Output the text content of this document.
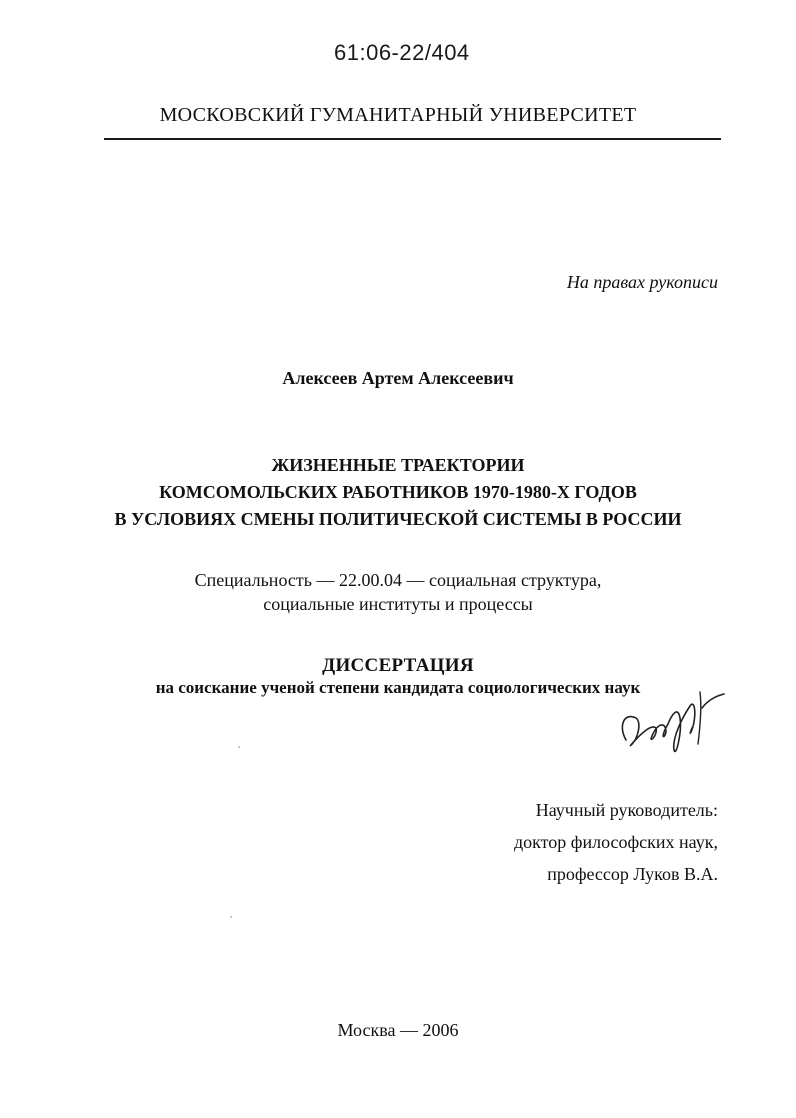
61:06-22/404
МОСКОВСКИЙ ГУМАНИТАРНЫЙ УНИВЕРСИТЕТ
На правах рукописи
Алексеев Артем Алексеевич
ЖИЗНЕННЫЕ ТРАЕКТОРИИ
КОМСОМОЛЬСКИХ РАБОТНИКОВ 1970-1980-Х ГОДОВ
В УСЛОВИЯХ СМЕНЫ ПОЛИТИЧЕСКОЙ СИСТЕМЫ В РОССИИ
Специальность — 22.00.04 — социальная структура,
социальные институты и процессы
ДИССЕРТАЦИЯ
на соискание ученой степени кандидата социологических наук
Научный руководитель:
доктор философских наук,
профессор Луков В.А.
Москва — 2006
